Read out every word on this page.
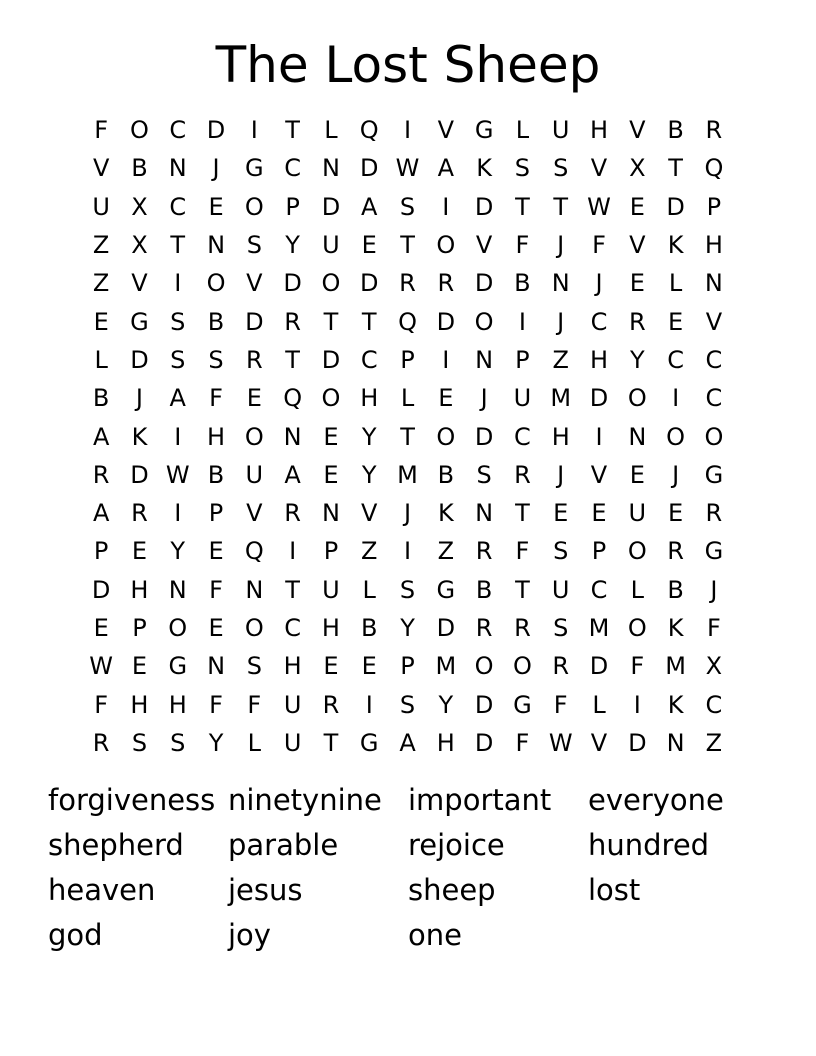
The Lost Sheep
F O C D	I	T	L Q	I	V G L U H V B R
V B N	J	G C N D W A K S S V X T Q
U X C E O P D A S	I	D T T W E D P
Z X T N S Y U E T O V F	J	F V K H
Z V	I	O V D O D R R D B N	J	E	L N
E G S B D R T T Q D O	I	J	C R E V
L D S S R T D C P	I	N P Z H Y C C
B	J	A F E Q O H L	E	J	U M D O	I	C
A K	I	H O N E Y T O D C H	I	N O O
R D W B U A E Y M B S R	J	V E	J	G
A R	I	P V R N V	J	K N T E E U E R
P E Y E Q	I	P Z	I	Z R F S P O R G
D H N F N T U L	S G B T U C L B	J
E P O E O C H B Y D R R S M O K F
W E G N S H E E P M O O R D F M X
F H H F	F U R	I	S Y D G F	L	I	K C
R S S Y	L U T G A H D F W V D N Z
forgiveness ninetynine important	everyone
shepherd	parable	rejoice	hundred
heaven	jesus	sheep	lost
god	joy	one
